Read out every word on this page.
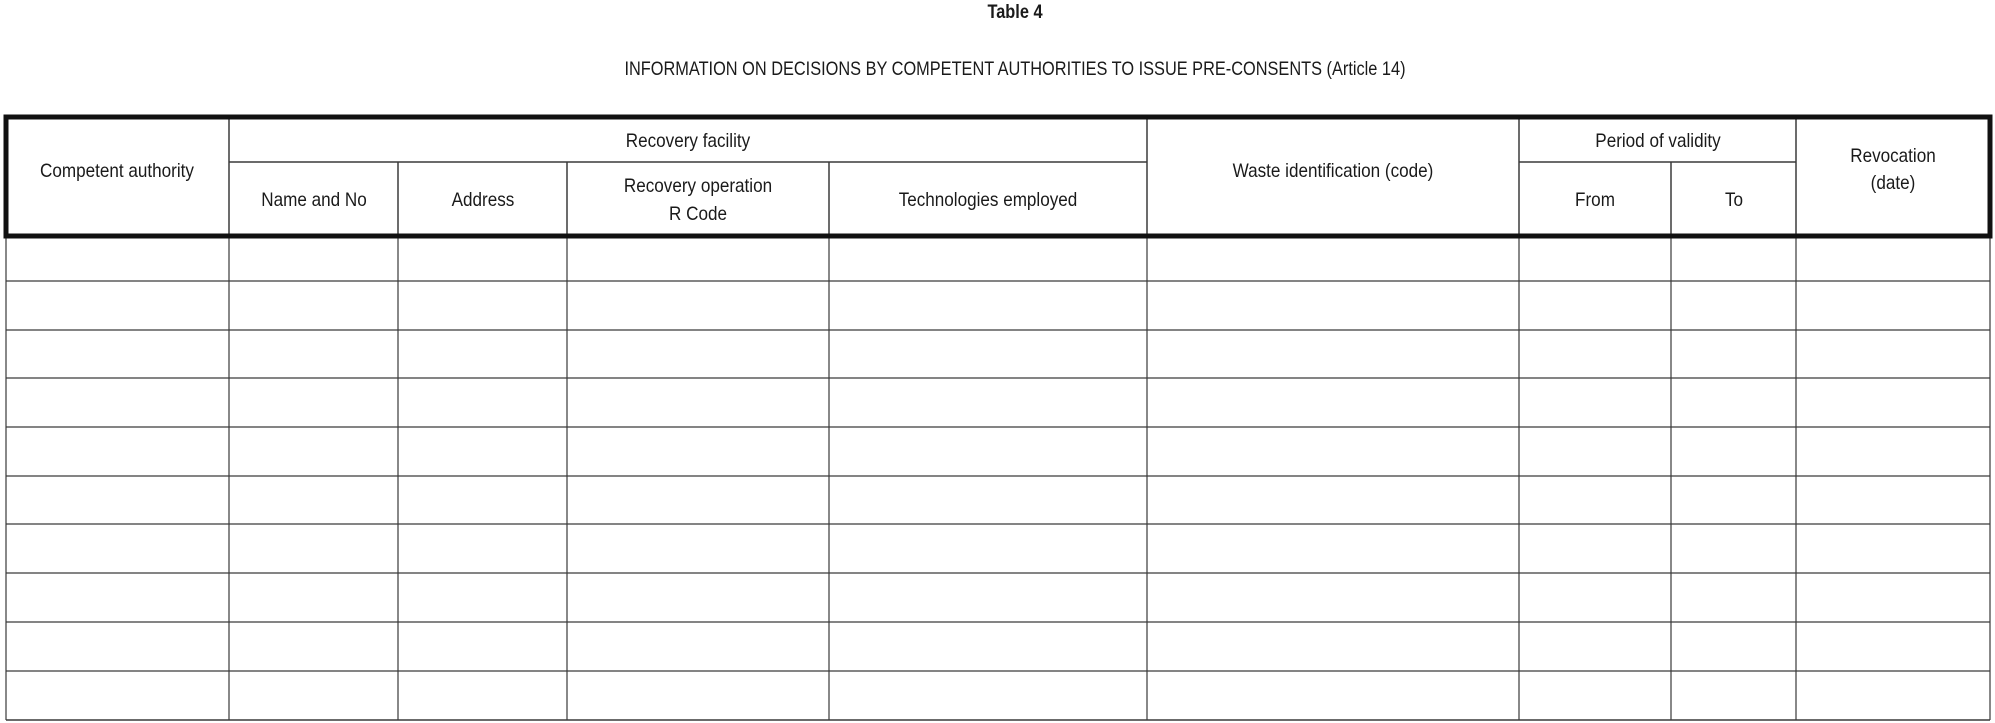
Table 4
INFORMATION ON DECISIONS BY COMPETENT AUTHORITIES TO ISSUE PRE-CONSENTS (Article 14)
Competent authority
Recovery facility
Name and No	Address
Recovery operation
R Code
Technologies employed
Waste identification (code)
Period of validity
From	To
Revocation
(date)
